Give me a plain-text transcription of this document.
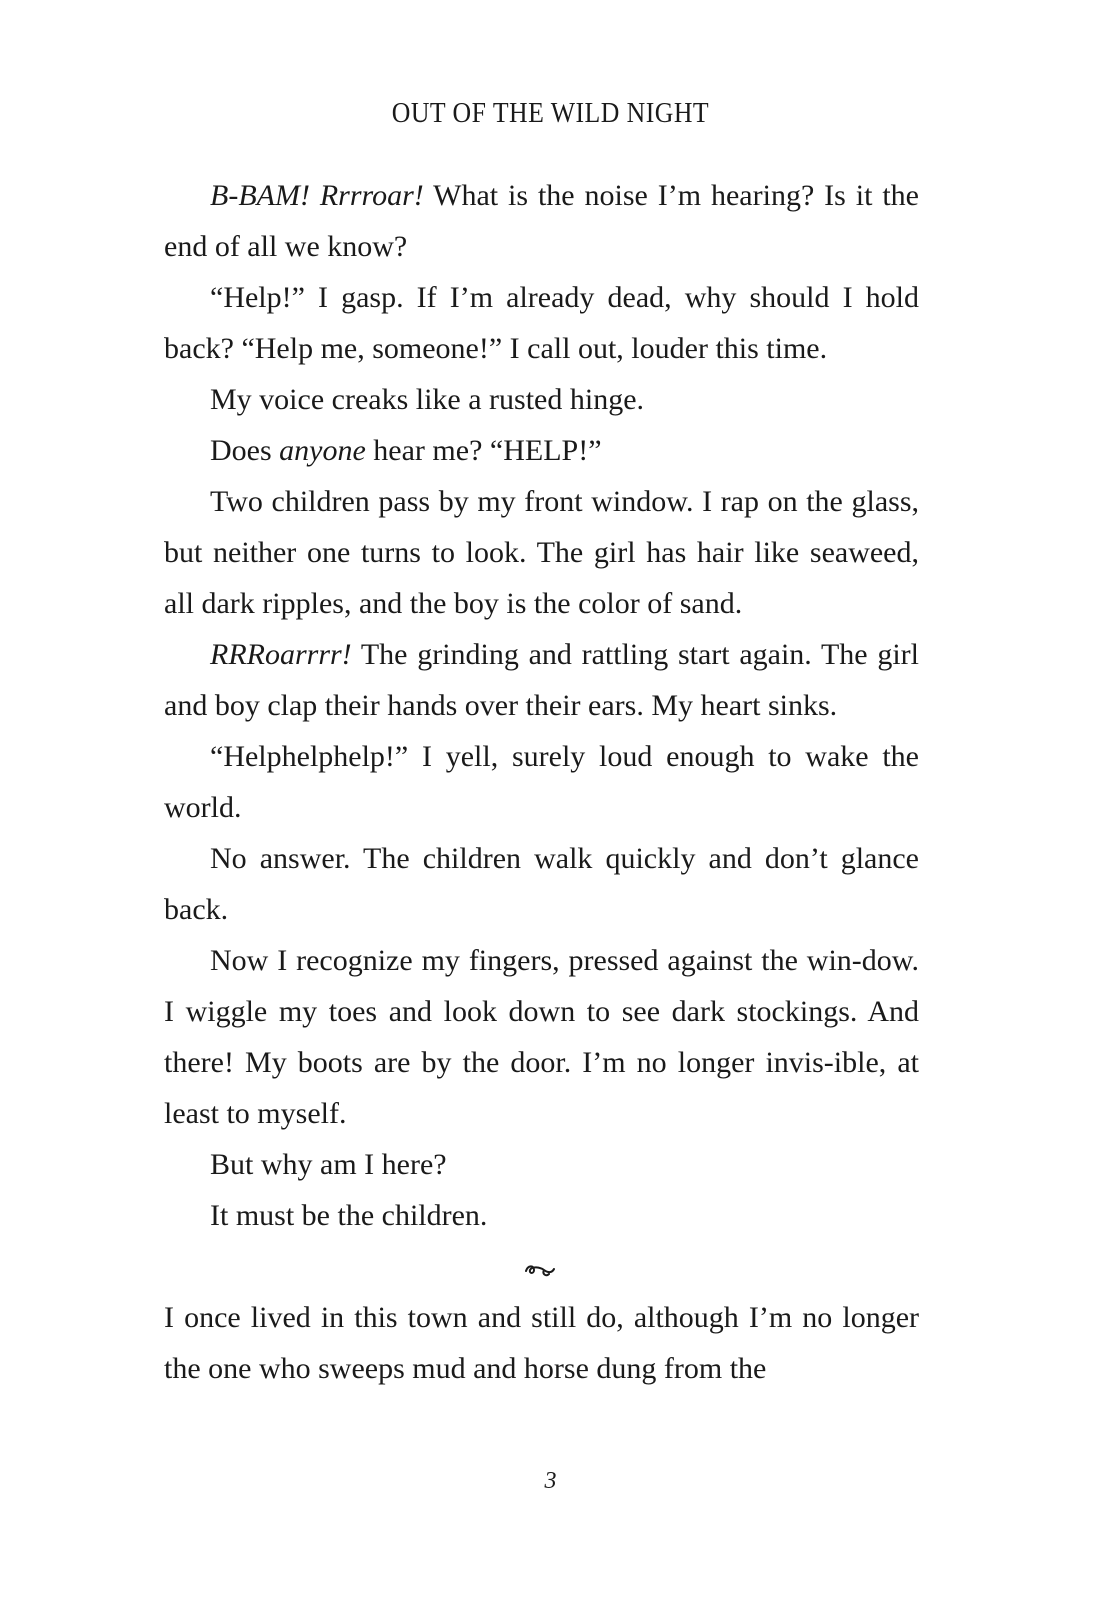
OUT OF THE WILD NIGHT

B-BAM! Rrrroar! What is the noise I’m hearing? Is it the end of all we know?

“Help!” I gasp. If I’m already dead, why should I hold back? “Help me, someone!” I call out, louder this time.

My voice creaks like a rusted hinge.

Does anyone hear me? “HELP!”

Two children pass by my front window. I rap on the glass, but neither one turns to look. The girl has hair like seaweed, all dark ripples, and the boy is the color of sand.

RRRoarrrr! The grinding and rattling start again. The girl and boy clap their hands over their ears. My heart sinks.

“Helphelphelp!” I yell, surely loud enough to wake the world.

No answer. The children walk quickly and don’t glance back.

Now I recognize my fingers, pressed against the win-dow. I wiggle my toes and look down to see dark stockings. And there! My boots are by the door. I’m no longer invis-ible, at least to myself.

But why am I here?

It must be the children.

I once lived in this town and still do, although I’m no longer the one who sweeps mud and horse dung from the

3
